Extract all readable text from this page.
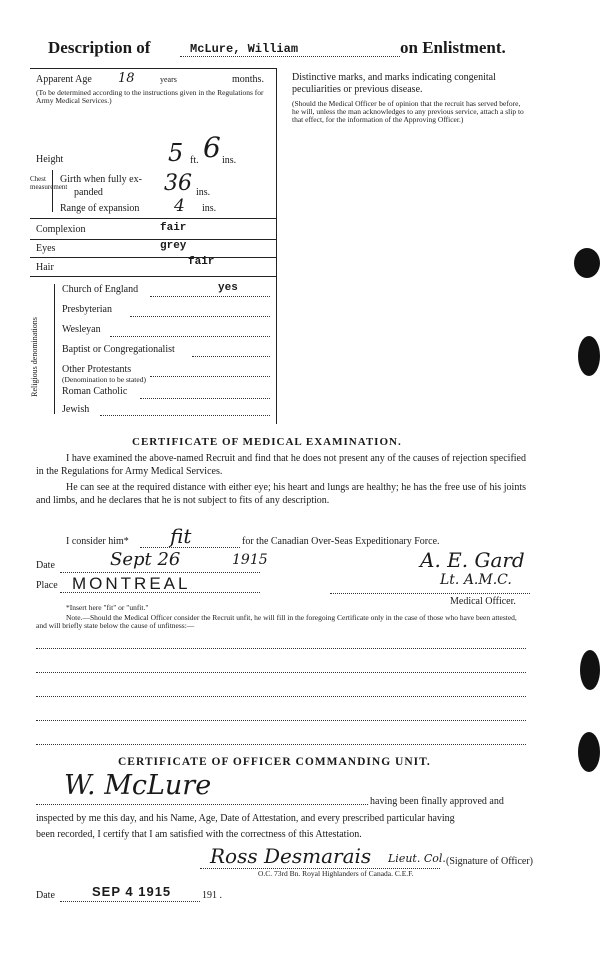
Description of	McLure, William	on Enlistment.
Apparent Age 18	years	months.
(To be determined according to the instructions given in the Regulations for Army Medical Services.)
Height	5 ft. 6 ins.
Chest measurement
Girth when fully ex-
panded	36 ins.
Range of expansion 4 ins.
Complexion	fair
Eyes	grey
Hair	fair
Religious denominations
Church of England	yes
Presbyterian
Wesleyan
Baptist or Congregationalist
Other Protestants
(Denomination to be stated)
Roman Catholic
Jewish
Distinctive marks, and marks indicating congenital peculiarities or previous disease.
(Should the Medical Officer be of opinion that the recruit has served before, he will, unless the man acknowledges to any previous service, attach a slip to that effect, for the information of the Approving Officer.)
CERTIFICATE OF MEDICAL EXAMINATION.
I have examined the above-named Recruit and find that he does not present any of the causes of rejection specified in the Regulations for Army Medical Services.
He can see at the required distance with either eye; his heart and lungs are healthy; he has the free use of his joints and limbs, and he declares that he is not subject to fits of any description.
I consider him* fit	for the Canadian Over-Seas Expeditionary Force.
Date	Sept 26	1915
Place MONTREAL
A. E. Gard
Lt. A.M.C.
Medical Officer.
*Insert here "fit" or "unfit."
Note.—Should the Medical Officer consider the Recruit unfit, he will fill in the foregoing Certificate only in the case of those who have been attested, and will briefly state below the cause of unfitness:—
CERTIFICATE OF OFFICER COMMANDING UNIT.
W. McLure
having been finally approved and
inspected by me this day, and his Name, Age, Date of Attestation, and every prescribed particular having
been recorded, I certify that I am satisfied with the correctness of this Attestation.
Ross Desmarais Lieut. Col. (Signature of Officer)
O.C. 73rd Bn. Royal Highlanders of Canada. C.E.F.
Date	SEP 4 1915	191 .
